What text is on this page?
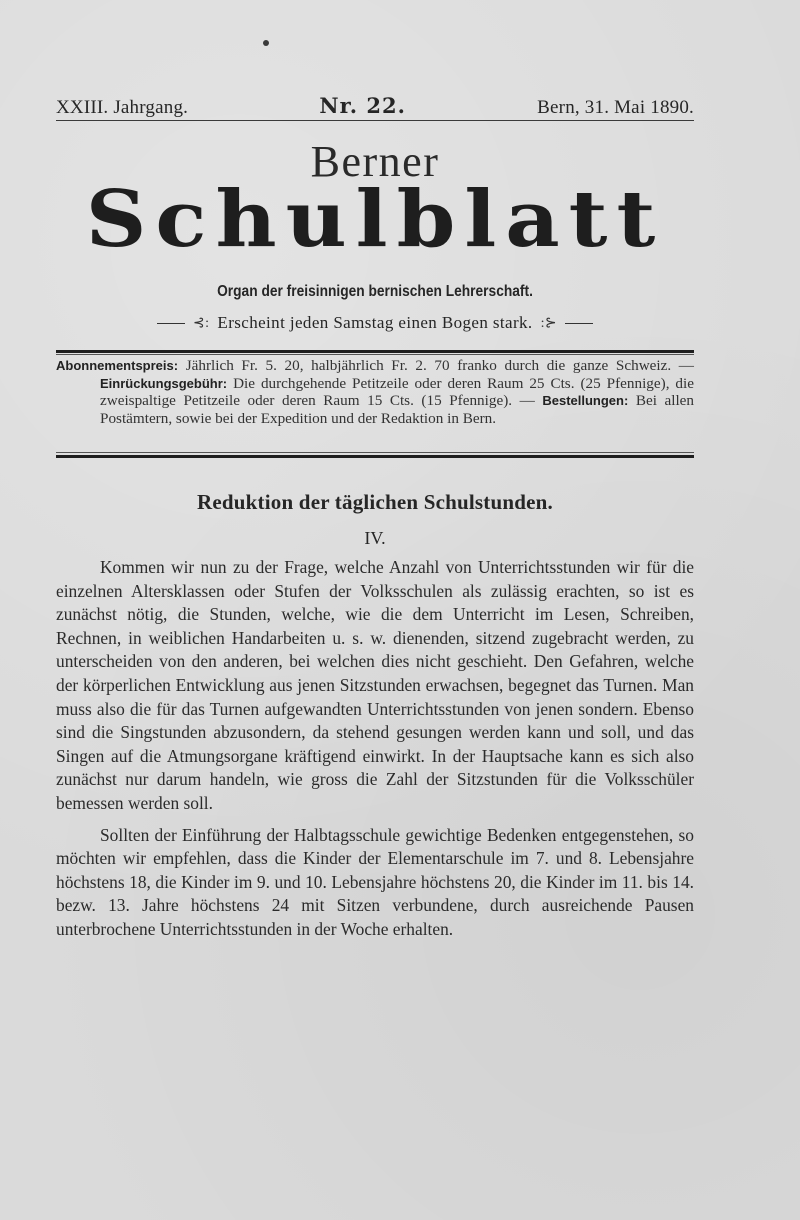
XXIII. Jahrgang.	Nr. 22.	Bern, 31. Mai 1890.
Berner
Schulblatt
Organ der freisinnigen bernischen Lehrerschaft.
⊰: Erscheint jeden Samstag einen Bogen stark. :⊱

Abonnementspreis: Jährlich Fr. 5. 20, halbjährlich Fr. 2. 70 franko durch die ganze Schweiz. — Einrückungsgebühr: Die durchgehende Petitzeile oder deren Raum 25 Cts. (25 Pfennige), die zweispaltige Petitzeile oder deren Raum 15 Cts. (15 Pfennige). — Bestellungen: Bei allen Postämtern, sowie bei der Expedition und der Redaktion in Bern.

Reduktion der täglichen Schulstunden.
IV.

Kommen wir nun zu der Frage, welche Anzahl von Unterrichtsstunden wir für die einzelnen Altersklassen oder Stufen der Volksschulen als zulässig erachten, so ist es zunächst nötig, die Stunden, welche, wie die dem Unterricht im Lesen, Schreiben, Rechnen, in weiblichen Handarbeiten u. s. w. dienenden, sitzend zugebracht werden, zu unterscheiden von den anderen, bei welchen dies nicht geschieht. Den Gefahren, welche der körperlichen Entwicklung aus jenen Sitzstunden erwachsen, begegnet das Turnen. Man muss also die für das Turnen aufgewandten Unterrichtsstunden von jenen sondern. Ebenso sind die Singstunden abzusondern, da stehend gesungen werden kann und soll, und das Singen auf die Atmungsorgane kräftigend einwirkt. In der Hauptsache kann es sich also zunächst nur darum handeln, wie gross die Zahl der Sitzstunden für die Volksschüler bemessen werden soll.

Sollten der Einführung der Halbtagsschule gewichtige Bedenken entgegenstehen, so möchten wir empfehlen, dass die Kinder der Elementarschule im 7. und 8. Lebensjahre höchstens 18, die Kinder im 9. und 10. Lebensjahre höchstens 20, die Kinder im 11. bis 14. bezw. 13. Jahre höchstens 24 mit Sitzen verbundene, durch ausreichende Pausen unterbrochene Unterrichtsstunden in der Woche erhalten.
